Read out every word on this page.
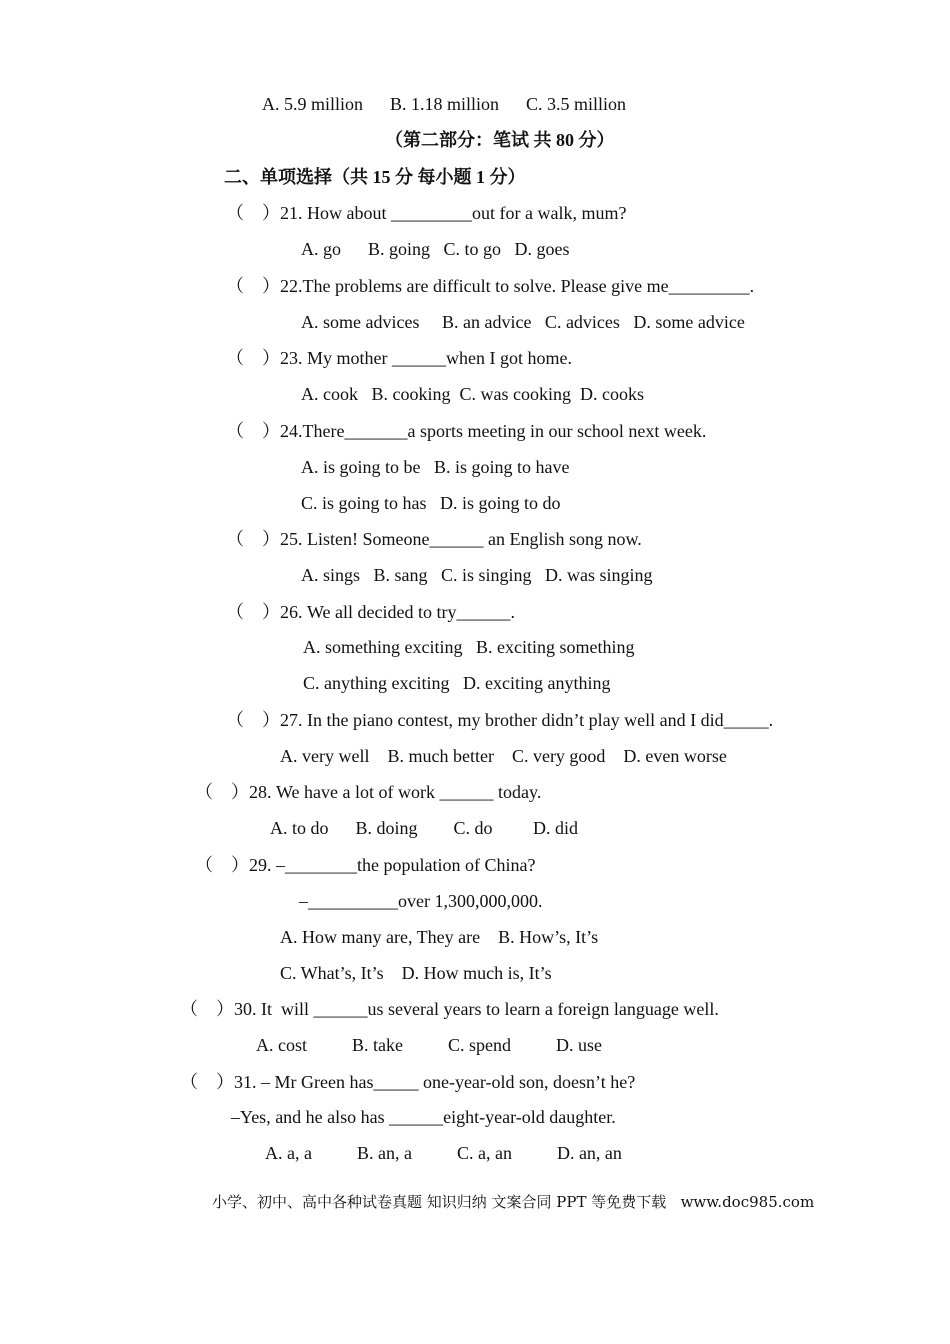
A. 5.9 million      B. 1.18 million      C. 3.5 million
（第二部分：笔试 共 80 分）
二、单项选择（共 15 分 每小题 1 分）
（    ）21. How about _________out for a walk, mum?
A. go      B. going   C. to go   D. goes
（    ）22.The problems are difficult to solve. Please give me_________.
A. some advices     B. an advice   C. advices   D. some advice
（    ）23. My mother ______when I got home.
A. cook   B. cooking  C. was cooking  D. cooks
（    ）24.There_______a sports meeting in our school next week.
A. is going to be   B. is going to have
C. is going to has   D. is going to do
（    ）25. Listen! Someone______ an English song now.
A. sings   B. sang   C. is singing   D. was singing
（    ）26. We all decided to try______.
A. something exciting   B. exciting something
C. anything exciting   D. exciting anything
（    ）27. In the piano contest, my brother didn’t play well and I did_____.
A. very well    B. much better    C. very good    D. even worse
（    ）28. We have a lot of work ______ today.
A. to do      B. doing        C. do         D. did
（    ）29. –________the population of China?
–__________over 1,300,000,000.
A. How many are, They are    B. How’s, It’s
C. What’s, It’s    D. How much is, It’s
（    ）30. It  will ______us several years to learn a foreign language well.
A. cost          B. take          C. spend          D. use
（    ）31. – Mr Green has_____ one-year-old son, doesn’t he?
–Yes, and he also has ______eight-year-old daughter.
A. a, a          B. an, a          C. a, an          D. an, an
小学、初中、高中各种试卷真题 知识归纳 文案合同 PPT 等免费下载   www.doc985.com
